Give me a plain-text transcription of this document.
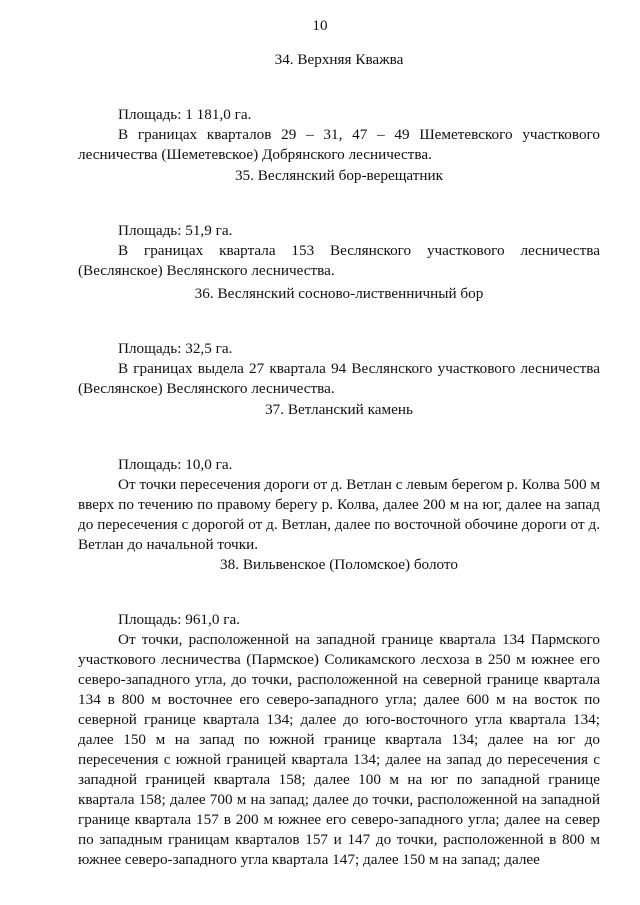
10

34. Верхняя Кважва

Площадь: 1 181,0 га.

В границах кварталов 29 – 31, 47 – 49 Шеметевского участкового лесничества (Шеметевское) Добрянского лесничества.

35. Веслянский бор-верещатник

Площадь: 51,9 га.

В границах квартала 153 Веслянского участкового лесничества (Веслянское) Веслянского лесничества.

36. Веслянский сосново-лиственничный бор

Площадь: 32,5 га.

В границах выдела 27 квартала 94 Веслянского участкового лесничества (Веслянское) Веслянского лесничества.

37. Ветланский камень

Площадь: 10,0 га.

От точки пересечения дороги от д. Ветлан с левым берегом р. Колва 500 м вверх по течению по правому берегу р. Колва, далее 200 м на юг, далее на запад до пересечения с дорогой от д. Ветлан, далее по восточной обочине дороги от д. Ветлан до начальной точки.

38. Вильвенское (Поломское) болото

Площадь: 961,0 га.

От точки, расположенной на западной границе квартала 134 Пармского участкового лесничества (Пармское) Соликамского лесхоза в 250 м южнее его северо-западного угла, до точки, расположенной на северной границе квартала 134 в 800 м восточнее его северо-западного угла; далее 600 м на восток по северной границе квартала 134; далее до юго-восточного угла квартала 134; далее 150 м на запад по южной границе квартала 134; далее на юг до пересечения с южной границей квартала 134; далее на запад до пересечения с западной границей квартала 158; далее 100 м на юг по западной границе квартала 158; далее 700 м на запад; далее до точки, расположенной на западной границе квартала 157 в 200 м южнее его северо-западного угла; далее на север по западным границам кварталов 157 и 147 до точки, расположенной в 800 м южнее северо-западного угла квартала 147; далее 150 м на запад; далее
